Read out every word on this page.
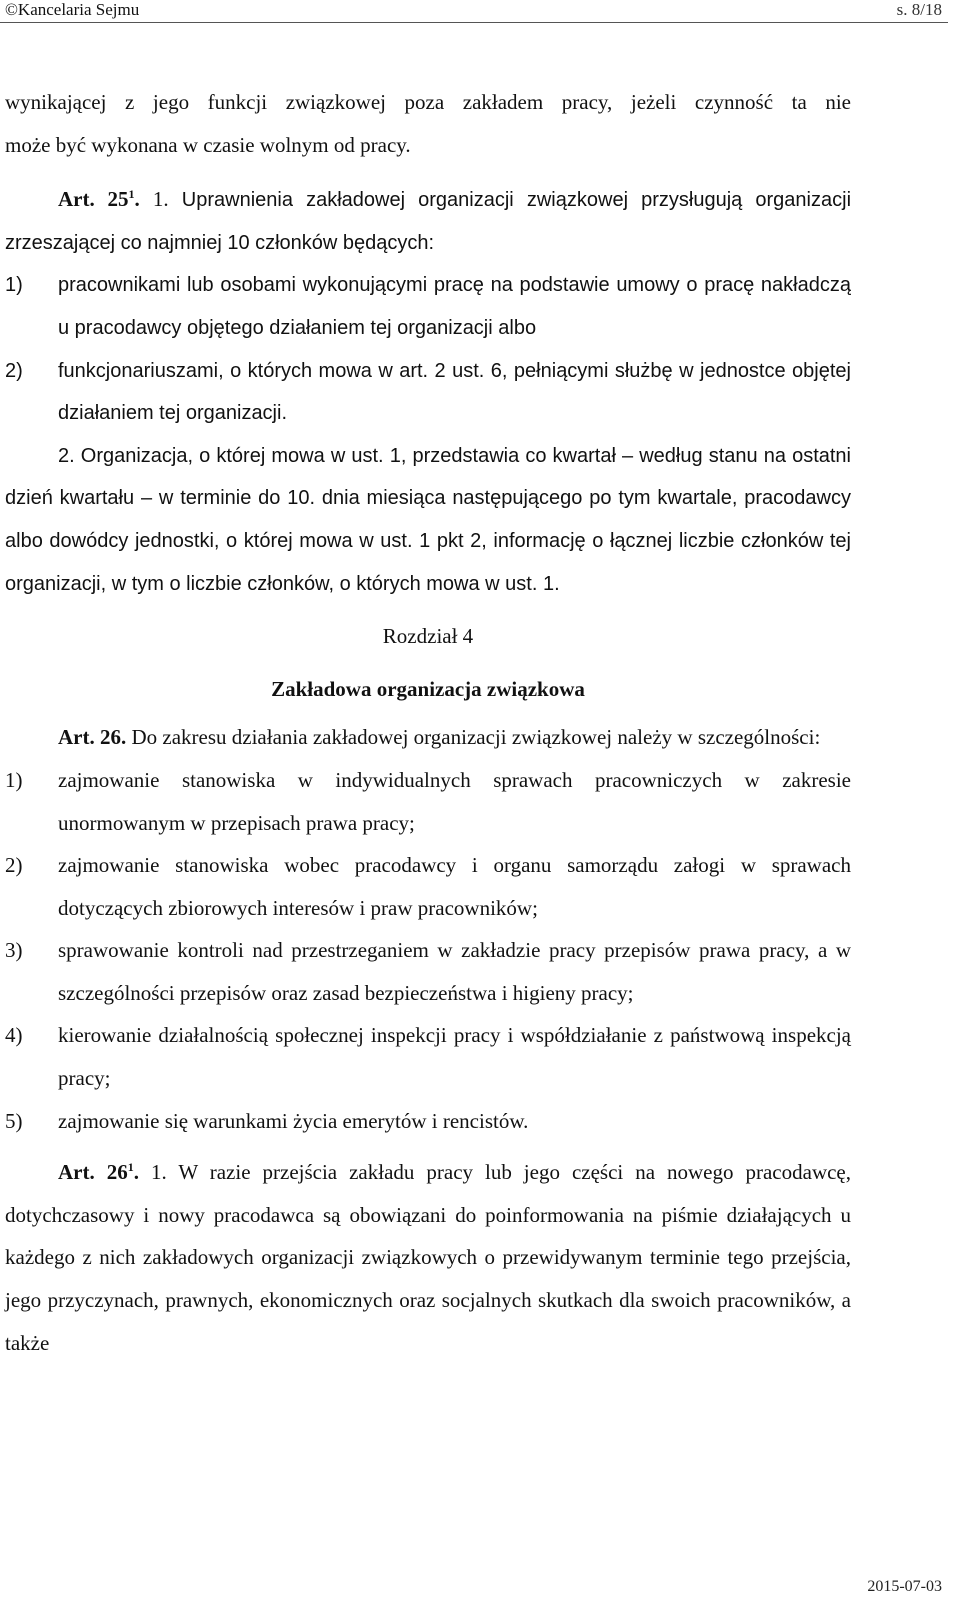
©Kancelaria Sejmu	s. 8/18

wynikającej z jego funkcji związkowej poza zakładem pracy, jeżeli czynność ta nie

może być wykonana w czasie wolnym od pracy.

Art. $25^1$. 1. Uprawnienia zakładowej organizacji związkowej przysługują organizacji zrzeszającej co najmniej 10 członków będących:

1)	pracownikami lub osobami wykonującymi pracę na podstawie umowy o pracę nakładczą u pracodawcy objętego działaniem tej organizacji albo
2)	funkcjonariuszami, o których mowa w art. 2 ust. 6, pełniącymi służbę w jednostce objętej działaniem tej organizacji.

2. Organizacja, o której mowa w ust. 1, przedstawia co kwartał – według stanu na ostatni dzień kwartału – w terminie do 10. dnia miesiąca następującego po tym kwartale, pracodawcy albo dowódcy jednostki, o której mowa w ust. 1 pkt 2, informację o łącznej liczbie członków tej organizacji, w tym o liczbie członków, o których mowa w ust. 1.

Rozdział 4
Zakładowa organizacja związkowa

Art. 26. Do zakresu działania zakładowej organizacji związkowej należy w szczególności:

1)	zajmowanie stanowiska w indywidualnych sprawach pracowniczych w zakresie unormowanym w przepisach prawa pracy;
2)	zajmowanie stanowiska wobec pracodawcy i organu samorządu załogi w sprawach dotyczących zbiorowych interesów i praw pracowników;
3)	sprawowanie kontroli nad przestrzeganiem w zakładzie pracy przepisów prawa pracy, a w szczególności przepisów oraz zasad bezpieczeństwa i higieny pracy;
4)	kierowanie działalnością społecznej inspekcji pracy i współdziałanie z państwową inspekcją pracy;
5)	zajmowanie się warunkami życia emerytów i rencistów.

Art. $26^1$. 1. W razie przejścia zakładu pracy lub jego części na nowego pracodawcę, dotychczasowy i nowy pracodawca są obowiązani do poinformowania na piśmie działających u każdego z nich zakładowych organizacji związkowych o przewidywanym terminie tego przejścia, jego przyczynach, prawnych, ekonomicznych oraz socjalnych skutkach dla swoich pracowników, a także

2015-07-03
